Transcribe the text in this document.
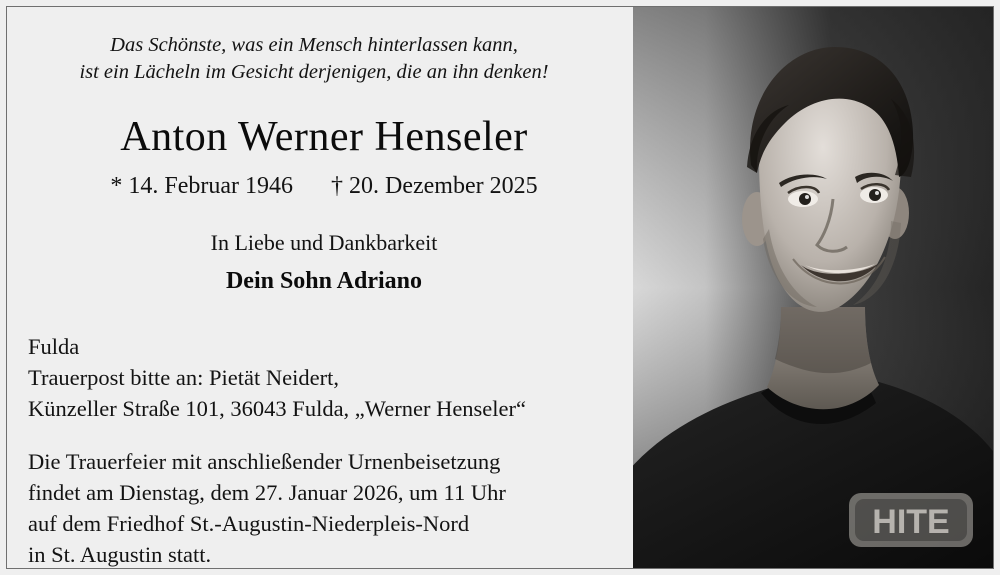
Das Schönste, was ein Mensch hinterlassen kann,
ist ein Lächeln im Gesicht derjenigen, die an ihn denken!
Anton Werner Henseler
* 14. Februar 1946 † 20. Dezember 2025
In Liebe und Dankbarkeit
Dein Sohn Adriano
Fulda
Trauerpost bitte an: Pietät Neidert,
Künzeller Straße 101, 36043 Fulda, „Werner Henseler“
Die Trauerfeier mit anschließender Urnenbeisetzung
findet am Dienstag, dem 27. Januar 2026, um 11 Uhr
auf dem Friedhof St.-Augustin-Niederpleis-Nord
in St. Augustin statt.
HITE
